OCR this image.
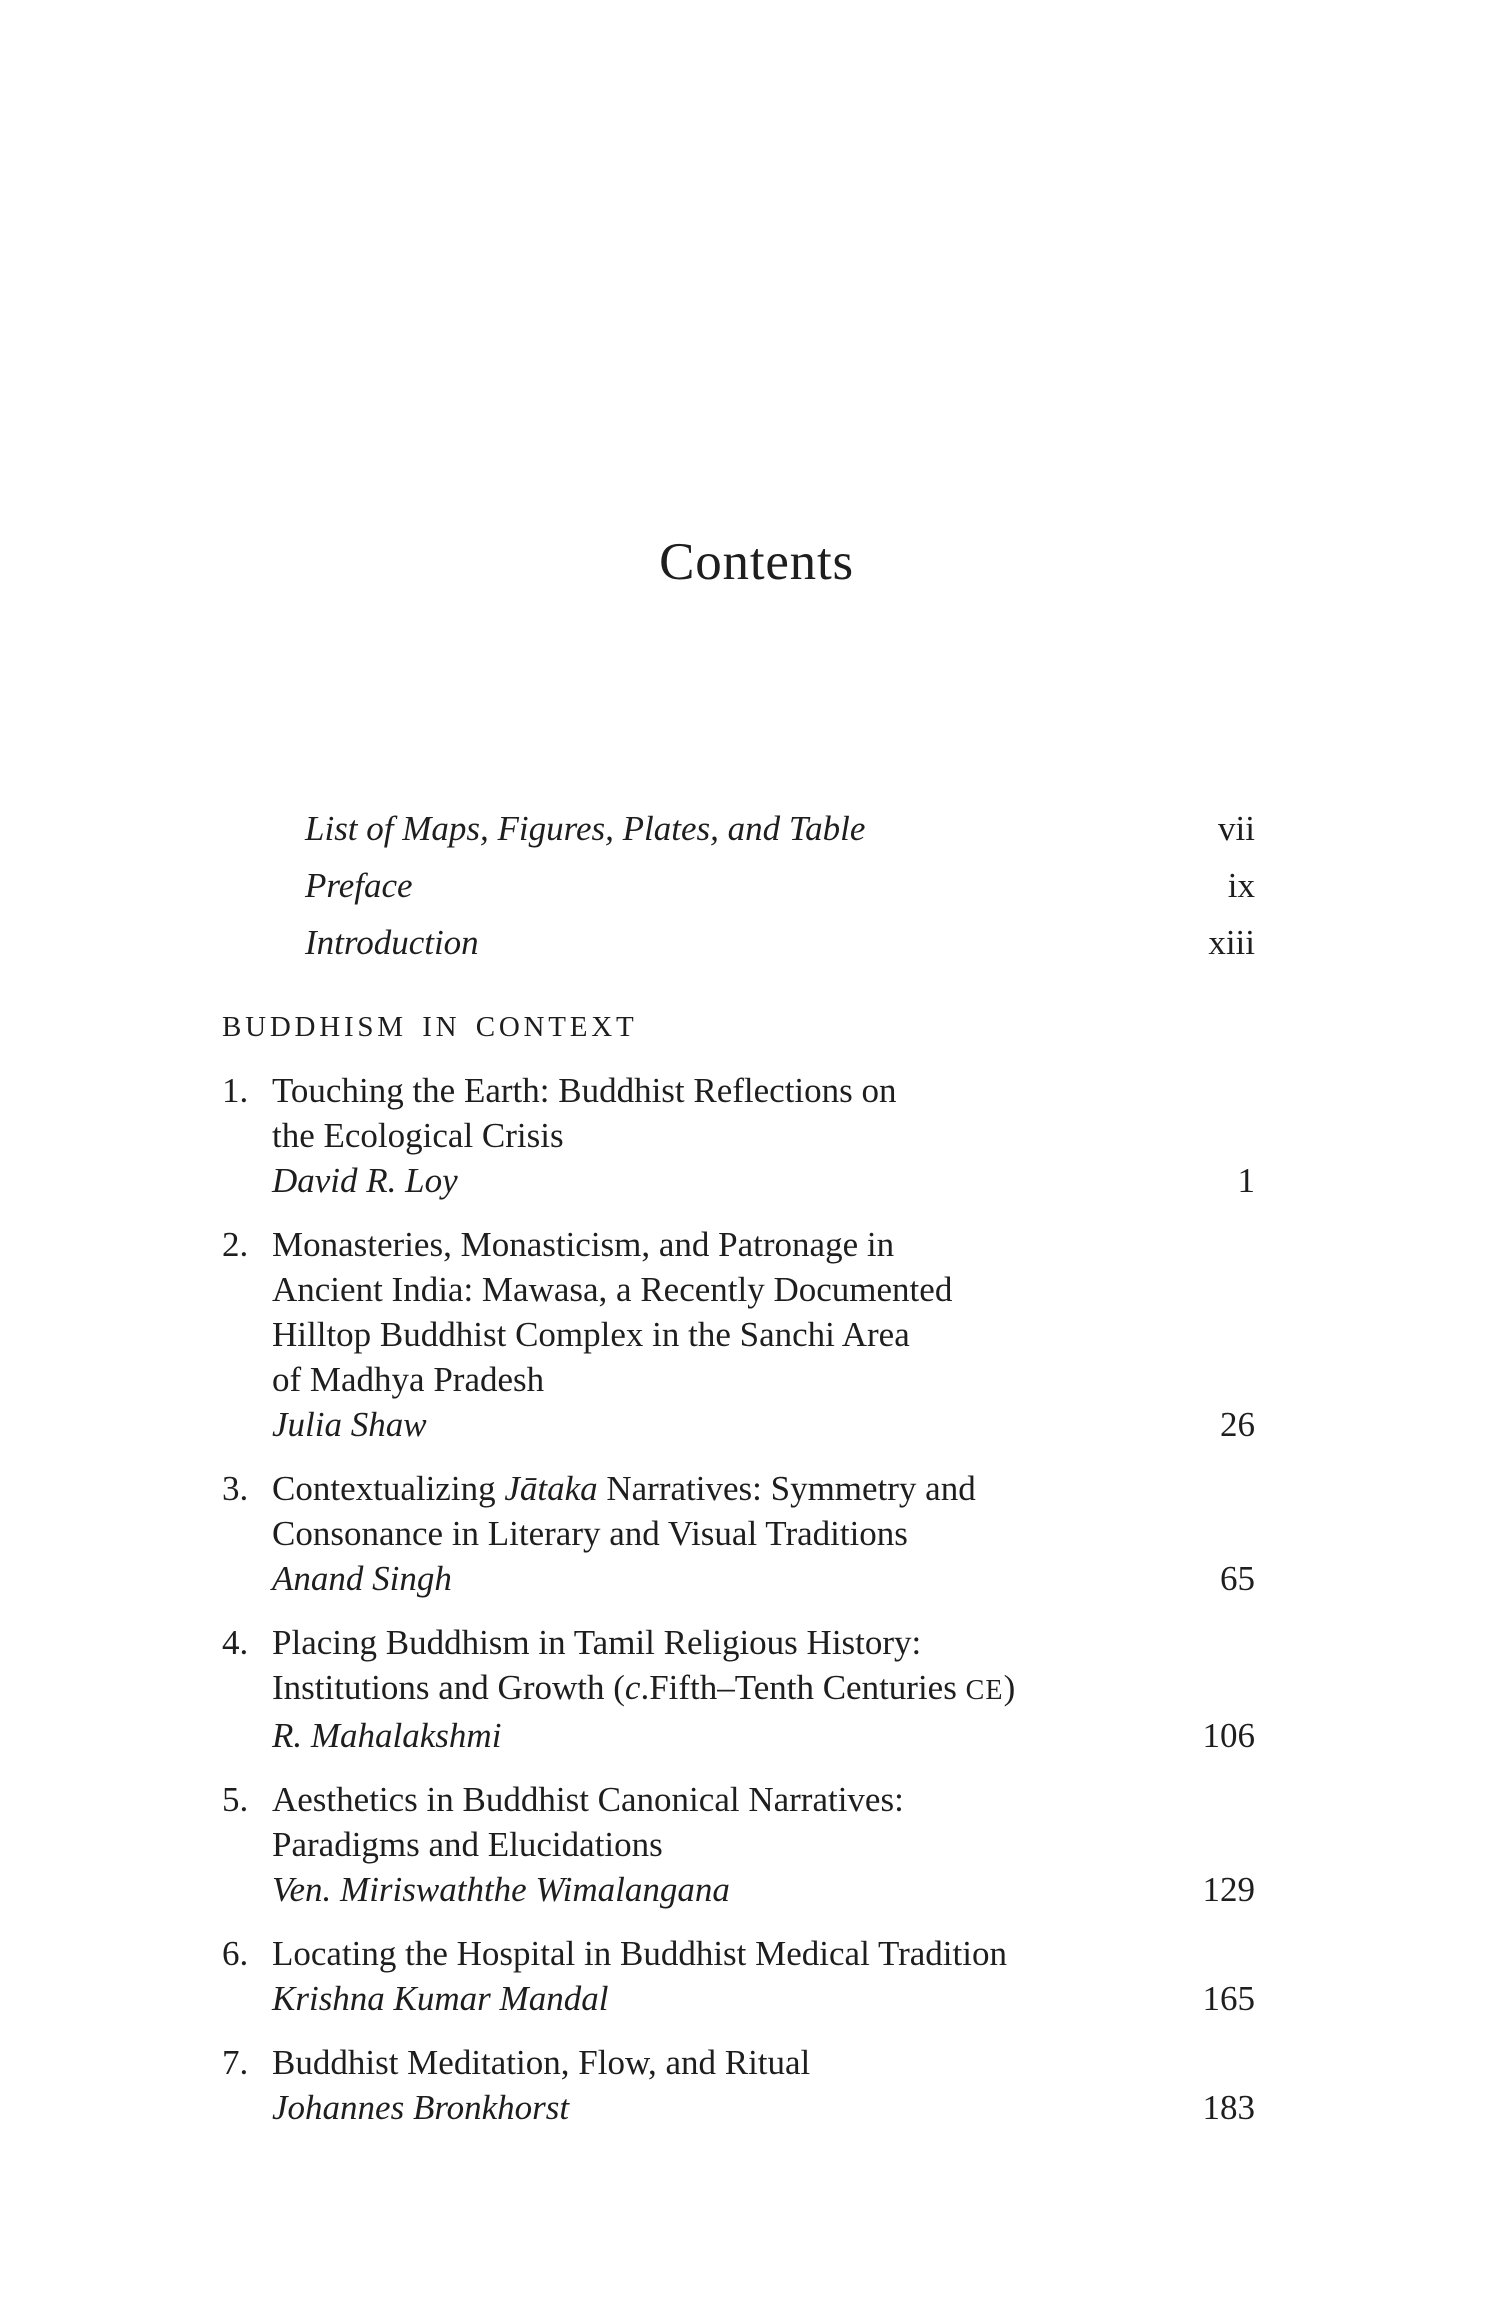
Contents
List of Maps, Figures, Plates, and Table	vii
Preface	ix
Introduction	xiii
BUDDHISM IN CONTEXT
1. Touching the Earth: Buddhist Reflections on
the Ecological Crisis
David R. Loy	1
2. Monasteries, Monasticism, and Patronage in
Ancient India: Mawasa, a Recently Documented
Hilltop Buddhist Complex in the Sanchi Area
of Madhya Pradesh
Julia Shaw	26
3. Contextualizing Jātaka Narratives: Symmetry and
Consonance in Literary and Visual Traditions
Anand Singh	65
4. Placing Buddhism in Tamil Religious History:
Institutions and Growth (c.Fifth–Tenth Centuries CE)
R. Mahalakshmi	106
5. Aesthetics in Buddhist Canonical Narratives:
Paradigms and Elucidations
Ven. Miriswaththe Wimalangana	129
6. Locating the Hospital in Buddhist Medical Tradition
Krishna Kumar Mandal	165
7. Buddhist Meditation, Flow, and Ritual
Johannes Bronkhorst	183
